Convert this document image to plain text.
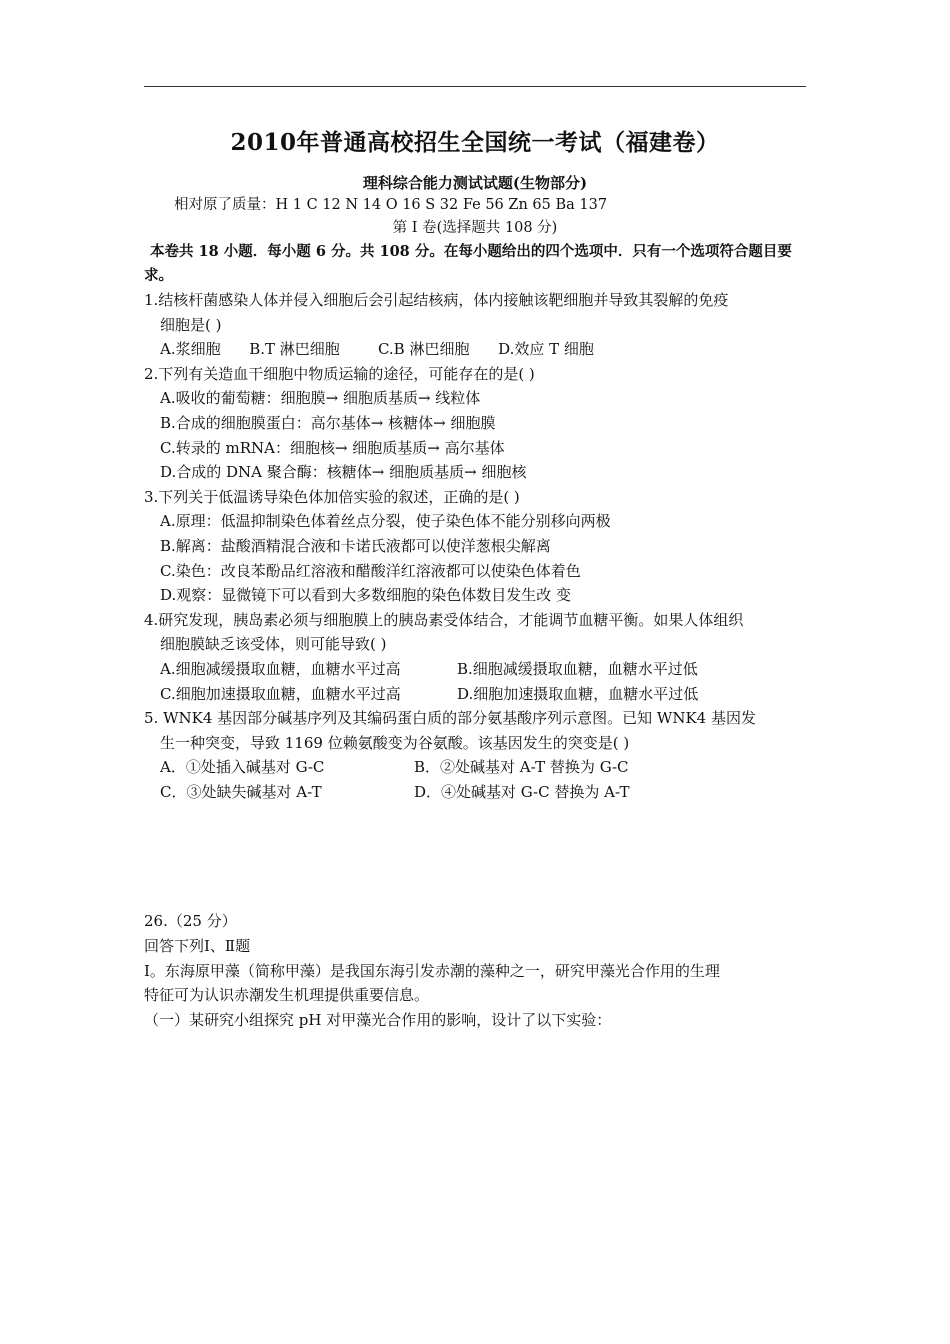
2010年普通高校招生全国统一考试（福建卷）
理科综合能力测试试题(生物部分)
相对原了质量：H 1 C 12 N 14 O 16 S 32 Fe 56 Zn 65 Ba 137
第 I 卷(选择题共 108 分)
本卷共 18 小题．每小题 6 分。共 108 分。在每小题给出的四个选项中．只有一个选项符合题目要求。
1.结核杆菌感染人体并侵入细胞后会引起结核病，体内接触该靶细胞并导致其裂解的免疫
细胞是( )
A.浆细胞 B.T 淋巴细胞	C.B 淋巴细胞 D.效应 T 细胞
2.下列有关造血干细胞中物质运输的途径，可能存在的是( )
A.吸收的葡萄糖：细胞膜→ 细胞质基质→ 线粒体
B.合成的细胞膜蛋白：高尔基体→ 核糖体→ 细胞膜
C.转录的 mRNA：细胞核→ 细胞质基质→ 高尔基体
D.合成的 DNA 聚合酶：核糖体→ 细胞质基质→ 细胞核
3.下列关于低温诱导染色体加倍实验的叙述，正确的是( )
A.原理：低温抑制染色体着丝点分裂，使子染色体不能分别移向两极
B.解离：盐酸酒精混合液和卡诺氏液都可以使洋葱根尖解离
C.染色：改良苯酚品红溶液和醋酸洋红溶液都可以使染色体着色
D.观察：显微镜下可以看到大多数细胞的染色体数目发生改 变
4.研究发现，胰岛素必须与细胞膜上的胰岛素受体结合，才能调节血糖平衡。如果人体组织
细胞膜缺乏该受体，则可能导致( )
A.细胞减缓摄取血糖，血糖水平过高	B.细胞减缓摄取血糖，血糖水平过低
C.细胞加速摄取血糖，血糖水平过高	D.细胞加速摄取血糖，血糖水平过低
5. WNK4 基因部分碱基序列及其编码蛋白质的部分氨基酸序列示意图。已知 WNK4 基因发
生一种突变，导致 1169 位赖氨酸变为谷氨酸。该基因发生的突变是( )
A．①处插入碱基对 G-C	B．②处碱基对 A-T 替换为 G-C
C．③处缺失碱基对 A-T	D．④处碱基对 G-C 替换为 A-T
26.（25 分）
回答下列Ⅰ、Ⅱ题
Ⅰ。东海原甲藻（简称甲藻）是我国东海引发赤潮的藻种之一，研究甲藻光合作用的生理
特征可为认识赤潮发生机理提供重要信息。
（一）某研究小组探究 pH 对甲藻光合作用的影响，设计了以下实验：
